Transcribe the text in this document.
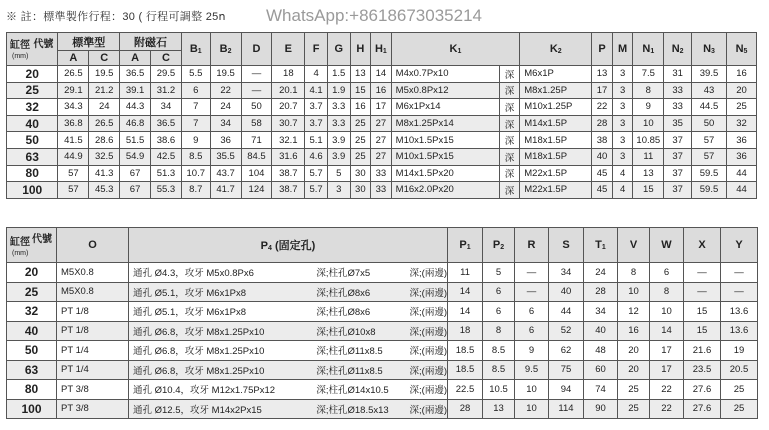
※ 註：標準製作行程：30 ( 行程可調整 25ո WhatsApp:+8618673035214
代號
缸徑
(mm)	標準型		附磁石		$B_1$	$B_2$	D	E	F	G	H	$H_1$	$K_1$		$K_2$	P	M	$N_1$	$N_2$	$N_3$	$N_5$
	A	C	A	C																	
20	26.5	19.5	36.5	29.5	5.5	19.5	—	18	4	1.5	13	14	M4x0.7Px10	深	M6x1P	13	3	7.5	31	39.5	16
25	29.1	21.2	39.1	31.2	6	22	—	20.1	4.1	1.9	15	16	M5x0.8Px12	深	M8x1.25P	17	3	8	33	43	20
32	34.3	24	44.3	34	7	24	50	20.7	3.7	3.3	16	17	M6x1Px14	深	M10x1.25P	22	3	9	33	44.5	25
40	36.8	26.5	46.8	36.5	7	34	58	30.7	3.7	3.3	25	27	M8x1.25Px14	深	M14x1.5P	28	3	10	35	50	32
50	41.5	28.6	51.5	38.6	9	36	71	32.1	5.1	3.9	25	27	M10x1.5Px15	深	M18x1.5P	38	3	10.85	37	57	36
63	44.9	32.5	54.9	42.5	8.5	35.5	84.5	31.6	4.6	3.9	25	27	M10x1.5Px15	深	M18x1.5P	40	3	11	37	57	36
80	57	41.3	67	51.3	10.7	43.7	104	38.7	5.7	5	30	33	M14x1.5Px20	深	M22x1.5P	45	4	13	37	59.5	44
100	57	45.3	67	55.3	8.7	41.7	124	38.7	5.7	3	30	33	M16x2.0Px20	深	M22x1.5P	45	4	15	37	59.5	44
代號
缸徑
(mm)	O	$P_4$ (固定孔)	$P_1$	$P_2$	R	S	$T_1$	V	W	X	Y
20	M5X0.8	通孔 Ø4.3，攻牙 M5x0.8Px6 深;柱孔Ø7x5 深;(兩邊)	11	5	—	34	24	8	6	—	—
25	M5X0.8	通孔 Ø5.1，攻牙 M6x1Px8 深;柱孔Ø8x6 深;(兩邊)	14	6	—	40	28	10	8	—	—
32	PT 1/8	通孔 Ø5.1，攻牙 M6x1Px8 深;柱孔Ø8x6 深;(兩邊)	14	6	6	44	34	12	10	15	13.6
40	PT 1/8	通孔 Ø6.8，攻牙 M8x1.25Px10 深;柱孔Ø10x8 深;(兩邊)	18	8	6	52	40	16	14	15	13.6
50	PT 1/4	通孔 Ø6.8，攻牙 M8x1.25Px10 深;柱孔Ø11x8.5 深;(兩邊)	18.5	8.5	9	62	48	20	17	21.6	19
63	PT 1/4	通孔 Ø6.8，攻牙 M8x1.25Px10 深;柱孔Ø11x8.5 深;(兩邊)	18.5	8.5	9.5	75	60	20	17	23.5	20.5
80	PT 3/8	通孔 Ø10.4，攻牙 M12x1.75Px12 深;柱孔Ø14x10.5 深;(兩邊)	22.5	10.5	10	94	74	25	22	27.6	25
100	PT 3/8	通孔 Ø12.5，攻牙 M14x2Px15 深;柱孔Ø18.5x13 深;(兩邊)	28	13	10	114	90	25	22	27.6	25
